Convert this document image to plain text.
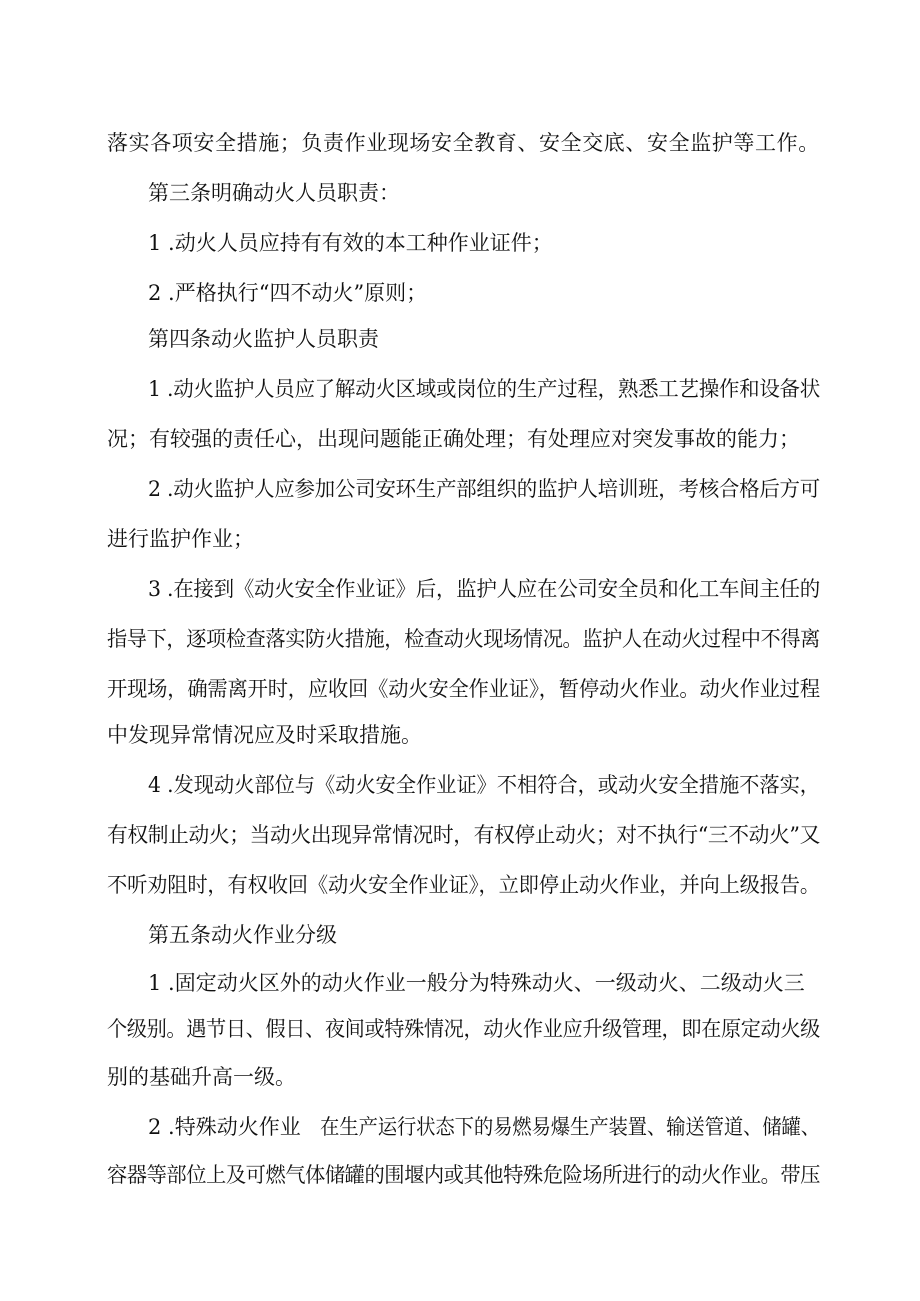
落实各项安全措施；负责作业现场安全教育、安全交底、安全监护等工作。
第三条明确动火人员职责：
1 .动火人员应持有有效的本工种作业证件；
2 .严格执行“四不动火”原则；
第四条动火监护人员职责
1 .动火监护人员应了解动火区域或岗位的生产过程，熟悉工艺操作和设备状
况；有较强的责任心，出现问题能正确处理；有处理应对突发事故的能力；
2 .动火监护人应参加公司安环生产部组织的监护人培训班，考核合格后方可
进行监护作业；
3 .在接到《动火安全作业证》后，监护人应在公司安全员和化工车间主任的
指导下，逐项检查落实防火措施，检查动火现场情况。监护人在动火过程中不得离
开现场，确需离开时，应收回《动火安全作业证》，暂停动火作业。动火作业过程
中发现异常情况应及时采取措施。
4 .发现动火部位与《动火安全作业证》不相符合，或动火安全措施不落实，
有权制止动火；当动火出现异常情况时，有权停止动火；对不执行“三不动火”又
不听劝阻时，有权收回《动火安全作业证》，立即停止动火作业，并向上级报告。
第五条动火作业分级
1 .固定动火区外的动火作业一般分为特殊动火、一级动火、二级动火三
个级别。遇节日、假日、夜间或特殊情况，动火作业应升级管理，即在原定动火级
别的基础升高一级。
2 .特殊动火作业 在生产运行状态下的易燃易爆生产装置、输送管道、储罐、
容器等部位上及可燃气体储罐的围堰内或其他特殊危险场所进行的动火作业。带压
